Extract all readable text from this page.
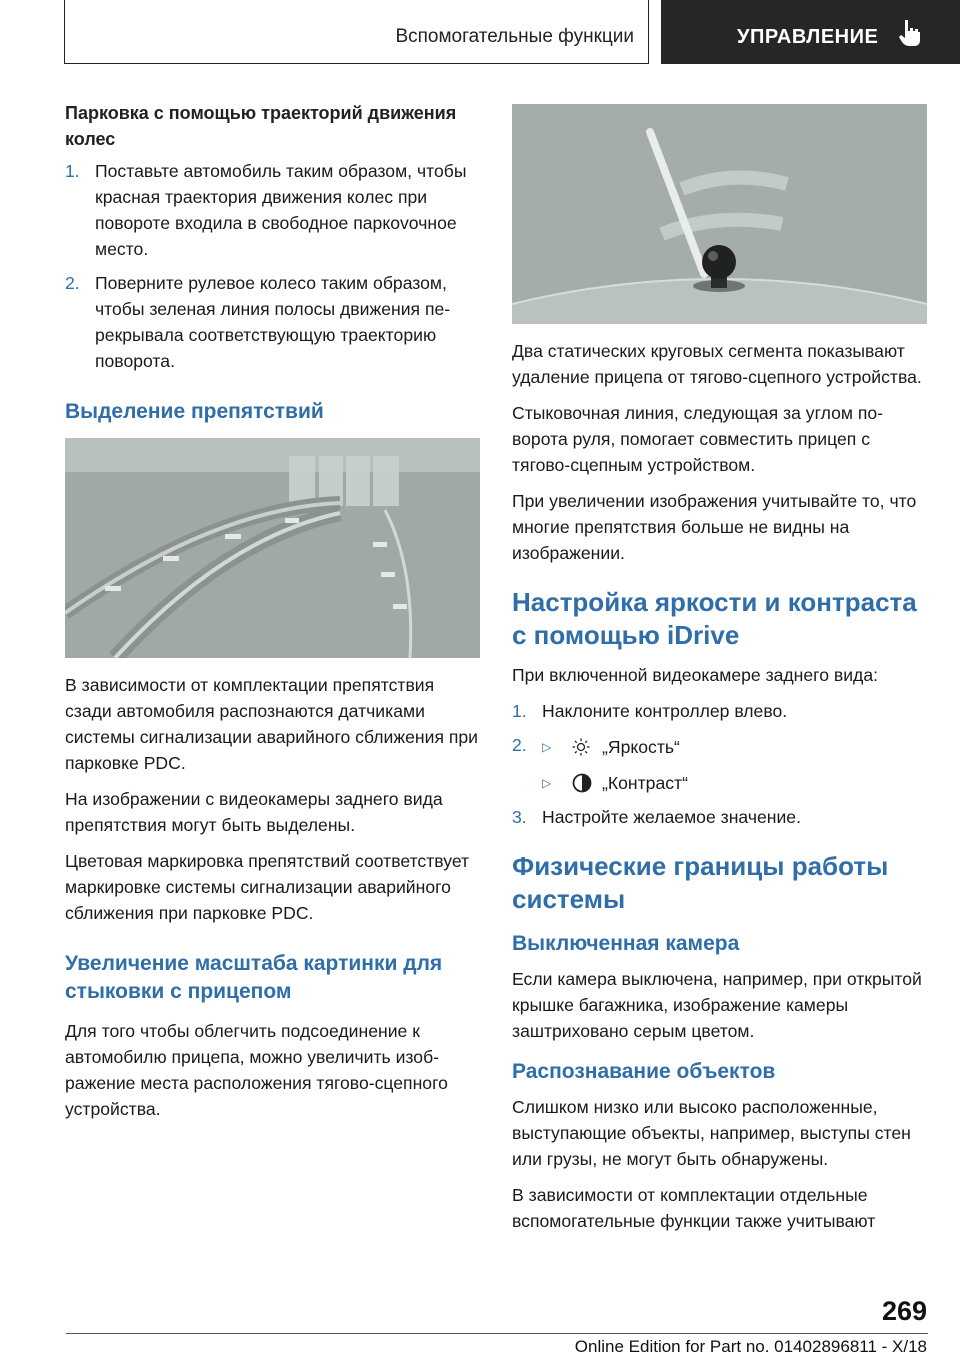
Вспомогательные функции	УПРАВЛЕНИЕ
Парковка с помощью траекторий движения колес
1. Поставьте автомобиль таким образом, чтобы красная траектория движения колес при повороте входила в свободное паркоvочное место.
2. Поверните рулевое колесо таким образом, чтобы зеленая линия полосы движения перекрывала соответствующую траекторию поворота.
Выделение препятствий

В зависимости от комплектации препятствия сзади автомобиля распознаются датчиками системы сигнализации аварийного сближения при парковке PDC.

На изображении с видеокамеры заднего вида препятствия могут быть выделены.

Цветовая маркировка препятствий соответствует маркировке системы сигнализации аварийного сближения при парковке PDC.

Увеличение масштаба картинки для стыковки с прицепом

Для того чтобы облегчить подсоединение к автомобилю прицепа, можно увеличить изображение места расположения тягово-сцепного устройства.

Два статических круговых сегмента показывают удаление прицепа от тягово-сцепного устройства.

Стыковочная линия, следующая за углом поворота руля, помогает совместить прицеп с тягово-сцепным устройством.

При увеличении изображения учитывайте то, что многие препятствия больше не видны на изображении.

Настройка яркости и контраста с помощью iDrive

При включенной видеокамере заднего вида:

1. Наклоните контроллер влево.
2. ▷	„Яркость“
▷	„Контраст“
3. Настройте желаемое значение.
Физические границы работы системы
Выключенная камера

Если камера выключена, например, при открытой крышке багажника, изображение камеры заштриховано серым цветом.

Распознавание объектов

Слишком низко или высоко расположенные, выступающие объекты, например, выступы стен или грузы, не могут быть обнаружены.

В зависимости от комплектации отдельные вспомогательные функции также учитывают

269
Online Edition for Part no. 01402896811 - X/18
